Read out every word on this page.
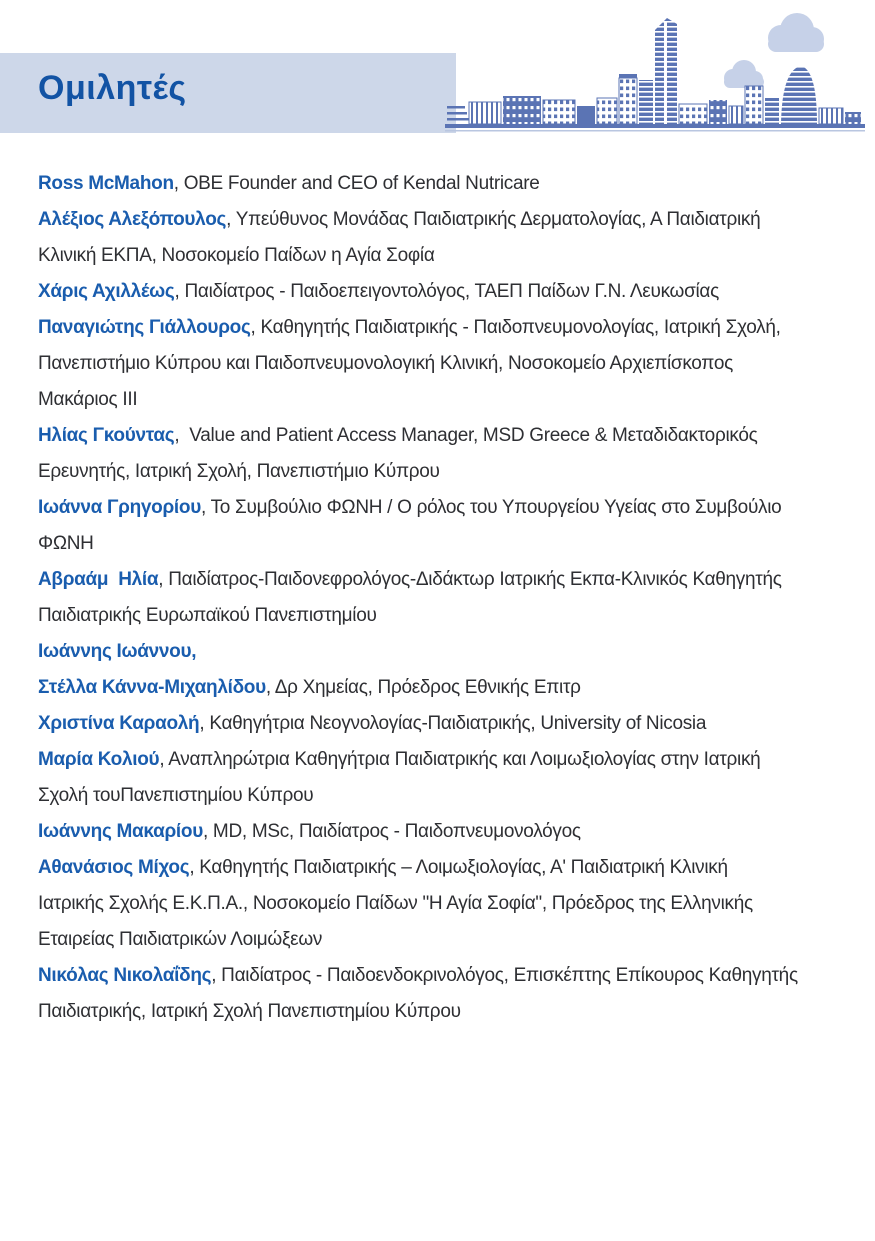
Ομιλητές

Ross McMahon, OBE Founder and CEO of Kendal Nutricare

Αλέξιος Αλεξόπουλος, Υπεύθυνος Μονάδας Παιδιατρικής Δερματολογίας, Α Παιδιατρική

Κλινική ΕΚΠΑ, Νοσοκομείο Παίδων η Αγία Σοφία

Χάρις Αχιλλέως, Παιδίατρος - Παιδοεπειγοντολόγος, ΤΑΕΠ Παίδων Γ.Ν. Λευκωσίας

Παναγιώτης Γιάλλουρος, Καθηγητής Παιδιατρικής - Παιδοπνευμονολογίας, Ιατρική Σχολή,

Πανεπιστήμιο Κύπρου και Παιδοπνευμονολογική Κλινική, Νοσοκομείο Αρχιεπίσκοπος

Μακάριος ΙΙΙ

Ηλίας Γκούντας,  Value and Patient Access Manager, MSD Greece & Μεταδιδακτορικός

Ερευνητής, Ιατρική Σχολή, Πανεπιστήμιο Κύπρου

Ιωάννα Γρηγορίου, Το Συμβούλιο ΦΩΝΗ / Ο ρόλος του Υπουργείου Υγείας στο Συμβούλιο

ΦΩΝΗ

Αβραάμ  Ηλία, Παιδίατρος-Παιδονεφρολόγος-Διδάκτωρ Ιατρικής Εκπα-Κλινικός Καθηγητής

Παιδιατρικής Ευρωπαϊκού Πανεπιστημίου

Ιωάννης Ιωάννου,

Στέλλα Κάννα-Μιχαηλίδου, Δρ Χημείας, Πρόεδρος Εθνικής Επιτρ

Χριστίνα Καραολή, Καθηγήτρια Νεογνολογίας-Παιδιατρικής, University of Nicosia

Μαρία Κολιού, Αναπληρώτρια Καθηγήτρια Παιδιατρικής και Λοιμωξιολογίας στην Ιατρική

Σχολή τουΠανεπιστημίου Κύπρου

Ιωάννης Μακαρίου, MD, MSc, Παιδίατρος - Παιδοπνευμονολόγος

Αθανάσιος Μίχος, Καθηγητής Παιδιατρικής – Λοιμωξιολογίας, Α' Παιδιατρική Κλινική

Ιατρικής Σχολής Ε.Κ.Π.Α., Νοσοκομείο Παίδων "Η Αγία Σοφία", Πρόεδρος της Ελληνικής

Εταιρείας Παιδιατρικών Λοιμώξεων

Νικόλας Νικολαΐδης, Παιδίατρος - Παιδοενδοκρινολόγος, Επισκέπτης Επίκουρος Καθηγητής

Παιδιατρικής, Ιατρική Σχολή Πανεπιστημίου Κύπρου
